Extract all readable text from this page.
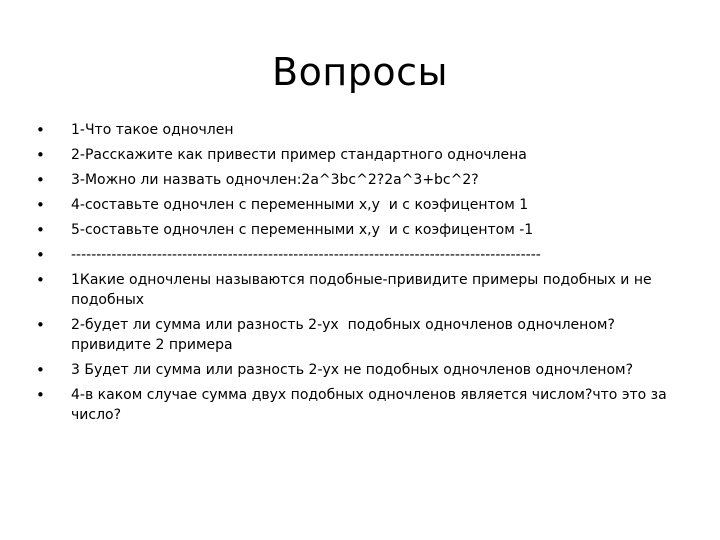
Вопросы
•	1-Что такое одночлен
•	2-Расскажите как привести пример стандартного одночлена
•	3-Можно ли назвать одночлен:2а^3bc^2?2a^3+bc^2?
•	4-составьте одночлен с переменными x,y  и с коэфицентом 1
•	5-составьте одночлен с переменными x,y  и с коэфицентом -1
•	---------------------------------------------------------------------------------------------
•	1Какие одночлены называются подобные-привидите примеры подобных и не подобных
•	2-будет ли сумма или разность 2-ух  подобных одночленов одночленом? привидите 2 примера
•	3 Будет ли сумма или разность 2-ух не подобных одночленов одночленом?
•	4-в каком случае сумма двух подобных одночленов является числом?что это за число?
